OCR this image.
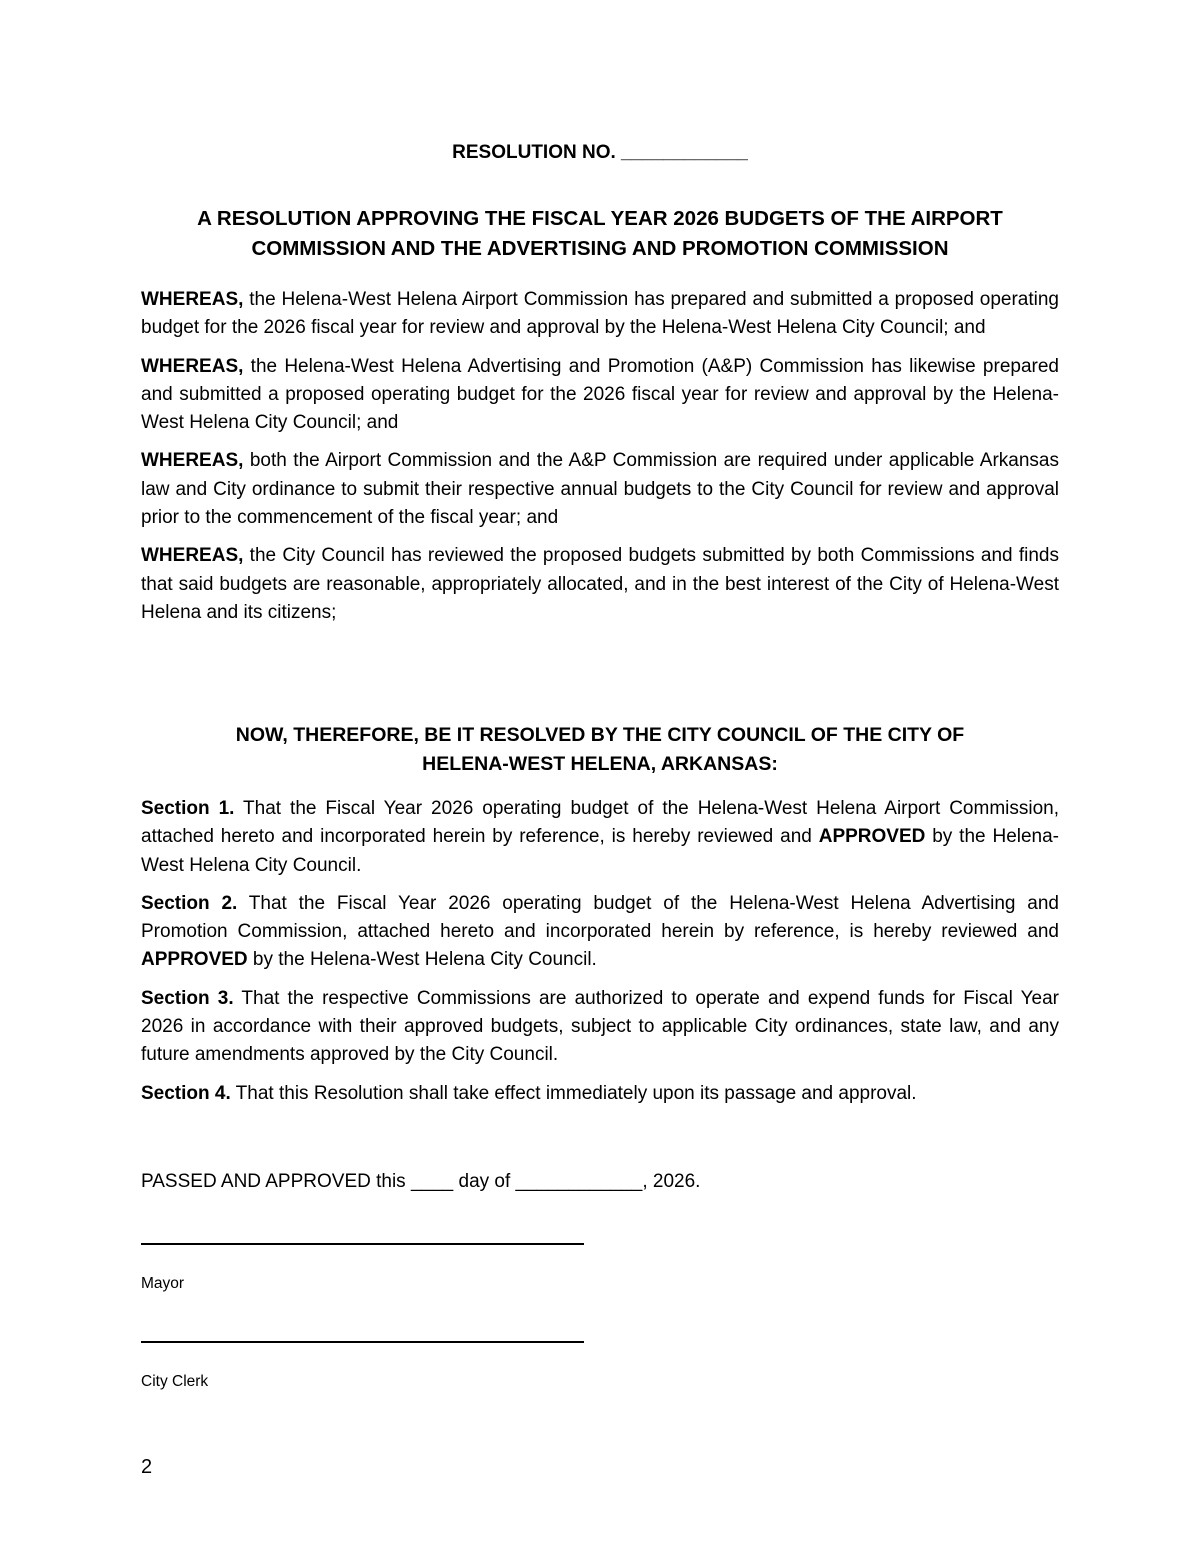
RESOLUTION NO. ____________
A RESOLUTION APPROVING THE FISCAL YEAR 2026 BUDGETS OF THE AIRPORT
COMMISSION AND THE ADVERTISING AND PROMOTION COMMISSION

WHEREAS, the Helena-West Helena Airport Commission has prepared and submitted a proposed operating budget for the 2026 fiscal year for review and approval by the Helena-West Helena City Council; and

WHEREAS, the Helena-West Helena Advertising and Promotion (A&P) Commission has likewise prepared and submitted a proposed operating budget for the 2026 fiscal year for review and approval by the Helena-West Helena City Council; and

WHEREAS, both the Airport Commission and the A&P Commission are required under applicable Arkansas law and City ordinance to submit their respective annual budgets to the City Council for review and approval prior to the commencement of the fiscal year; and

WHEREAS, the City Council has reviewed the proposed budgets submitted by both Commissions and finds that said budgets are reasonable, appropriately allocated, and in the best interest of the City of Helena-West Helena and its citizens;

NOW, THEREFORE, BE IT RESOLVED BY THE CITY COUNCIL OF THE CITY OF
HELENA-WEST HELENA, ARKANSAS:

Section 1. That the Fiscal Year 2026 operating budget of the Helena-West Helena Airport Commission, attached hereto and incorporated herein by reference, is hereby reviewed and APPROVED by the Helena-West Helena City Council.

Section 2. That the Fiscal Year 2026 operating budget of the Helena-West Helena Advertising and Promotion Commission, attached hereto and incorporated herein by reference, is hereby reviewed and APPROVED by the Helena-West Helena City Council.

Section 3. That the respective Commissions are authorized to operate and expend funds for Fiscal Year 2026 in accordance with their approved budgets, subject to applicable City ordinances, state law, and any future amendments approved by the City Council.

Section 4. That this Resolution shall take effect immediately upon its passage and approval.

PASSED AND APPROVED this ____ day of ____________, 2026.
Mayor
City Clerk
2
